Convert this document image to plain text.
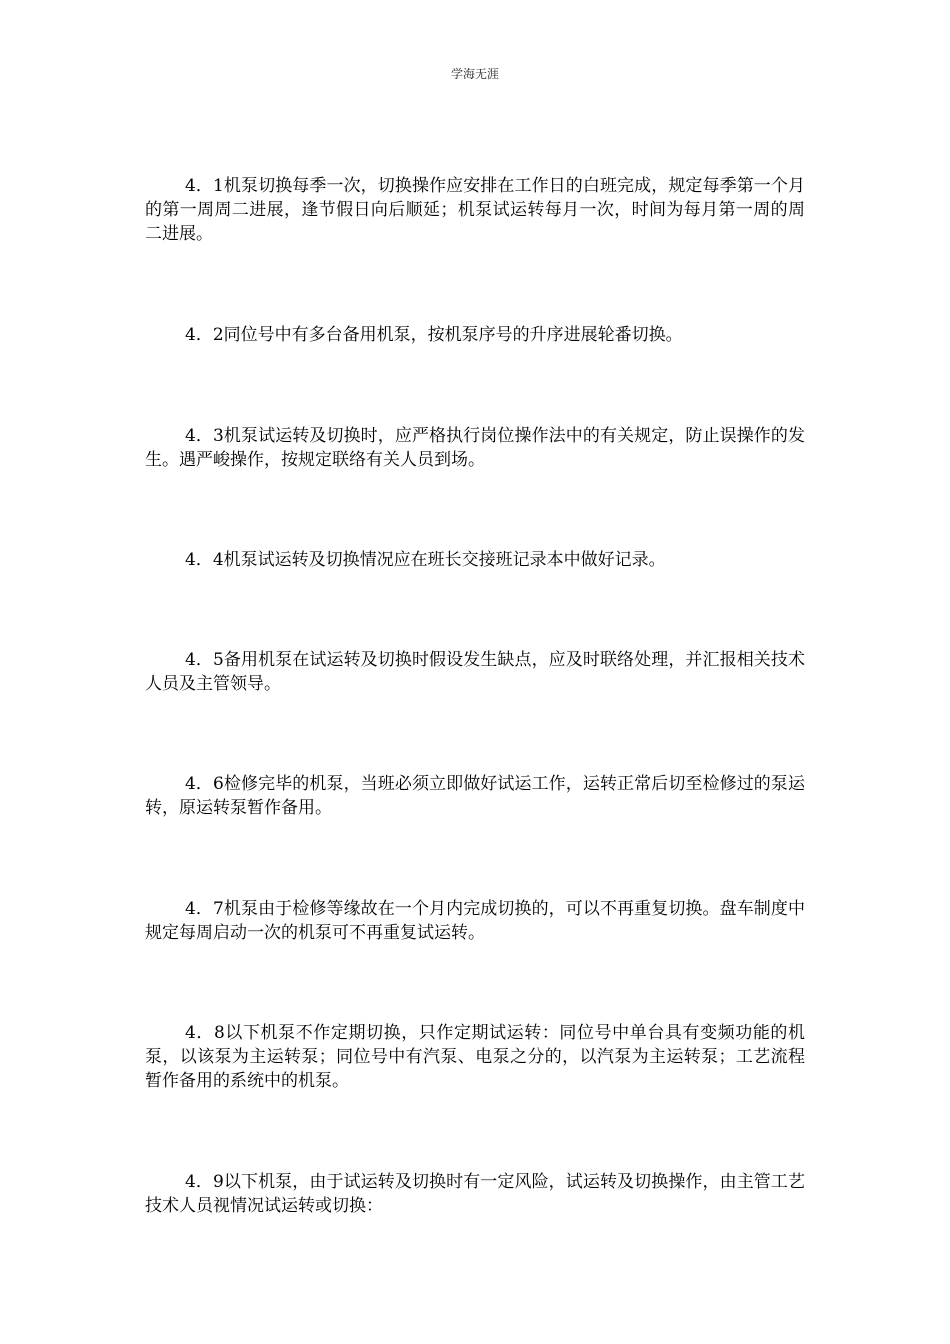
学海无涯

4．1机泵切换每季一次，切换操作应安排在工作日的白班完成，规定每季第一个月的第一周周二进展，逢节假日向后顺延；机泵试运转每月一次，时间为每月第一周的周二进展。

4．2同位号中有多台备用机泵，按机泵序号的升序进展轮番切换。

4．3机泵试运转及切换时，应严格执行岗位操作法中的有关规定，防止误操作的发生。遇严峻操作，按规定联络有关人员到场。

4．4机泵试运转及切换情况应在班长交接班记录本中做好记录。

4．5备用机泵在试运转及切换时假设发生缺点，应及时联络处理，并汇报相关技术人员及主管领导。

4．6检修完毕的机泵，当班必须立即做好试运工作，运转正常后切至检修过的泵运转，原运转泵暂作备用。

4．7机泵由于检修等缘故在一个月内完成切换的，可以不再重复切换。盘车制度中规定每周启动一次的机泵可不再重复试运转。

4．8以下机泵不作定期切换，只作定期试运转：同位号中单台具有变频功能的机泵，以该泵为主运转泵；同位号中有汽泵、电泵之分的，以汽泵为主运转泵；工艺流程暂作备用的系统中的机泵。

4．9以下机泵，由于试运转及切换时有一定风险，试运转及切换操作，由主管工艺技术人员视情况试运转或切换：
